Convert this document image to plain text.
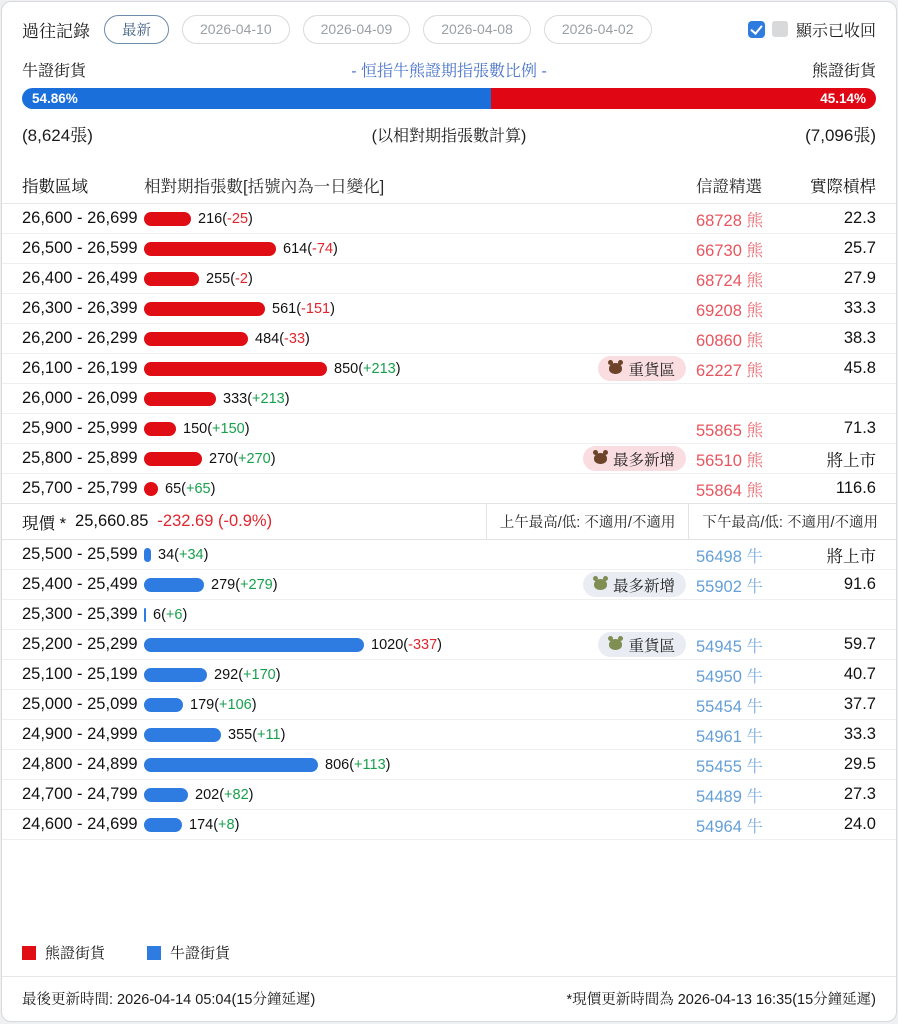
過往記錄	最新	2026-04-10	2026-04-09	2026-04-08	2026-04-02	顯示已收回
牛證街貨	- 恒指牛熊證期指張數比例 -	熊證街貨
54.86%	45.14%
(8,624張)	(以相對期指張數計算)	(7,096張)
指數區域	相對期指張數[括號內為一日變化]	信證精選	實際槓桿
26,600 - 26,699	216(-25)	68728 熊	22.3
26,500 - 26,599	614(-74)	66730 熊	25.7
26,400 - 26,499	255(-2)	68724 熊	27.9
26,300 - 26,399	561(-151)	69208 熊	33.3
26,200 - 26,299	484(-33)	60860 熊	38.3
26,100 - 26,199	850(+213)	重貨區	62227 熊	45.8
26,000 - 26,099	333(+213)
25,900 - 25,999	150(+150)	55865 熊	71.3
25,800 - 25,899	270(+270)	最多新增	56510 熊	將上市
25,700 - 25,799	65(+65)	55864 熊	116.6
現價 * 25,660.85 -232.69 (-0.9%)	上午最高/低: 不適用/不適用	下午最高/低: 不適用/不適用
25,500 - 25,599	34(+34)	56498 牛	將上市
25,400 - 25,499	279(+279)	最多新增	55902 牛	91.6
25,300 - 25,399	6(+6)
25,200 - 25,299	1020(-337)	重貨區	54945 牛	59.7
25,100 - 25,199	292(+170)	54950 牛	40.7
25,000 - 25,099	179(+106)	55454 牛	37.7
24,900 - 24,999	355(+11)	54961 牛	33.3
24,800 - 24,899	806(+113)	55455 牛	29.5
24,700 - 24,799	202(+82)	54489 牛	27.3
24,600 - 24,699	174(+8)	54964 牛	24.0
熊證街貨	牛證街貨
最後更新時間: 2026-04-14 05:04(15分鐘延遲)	*現價更新時間為 2026-04-13 16:35(15分鐘延遲)
